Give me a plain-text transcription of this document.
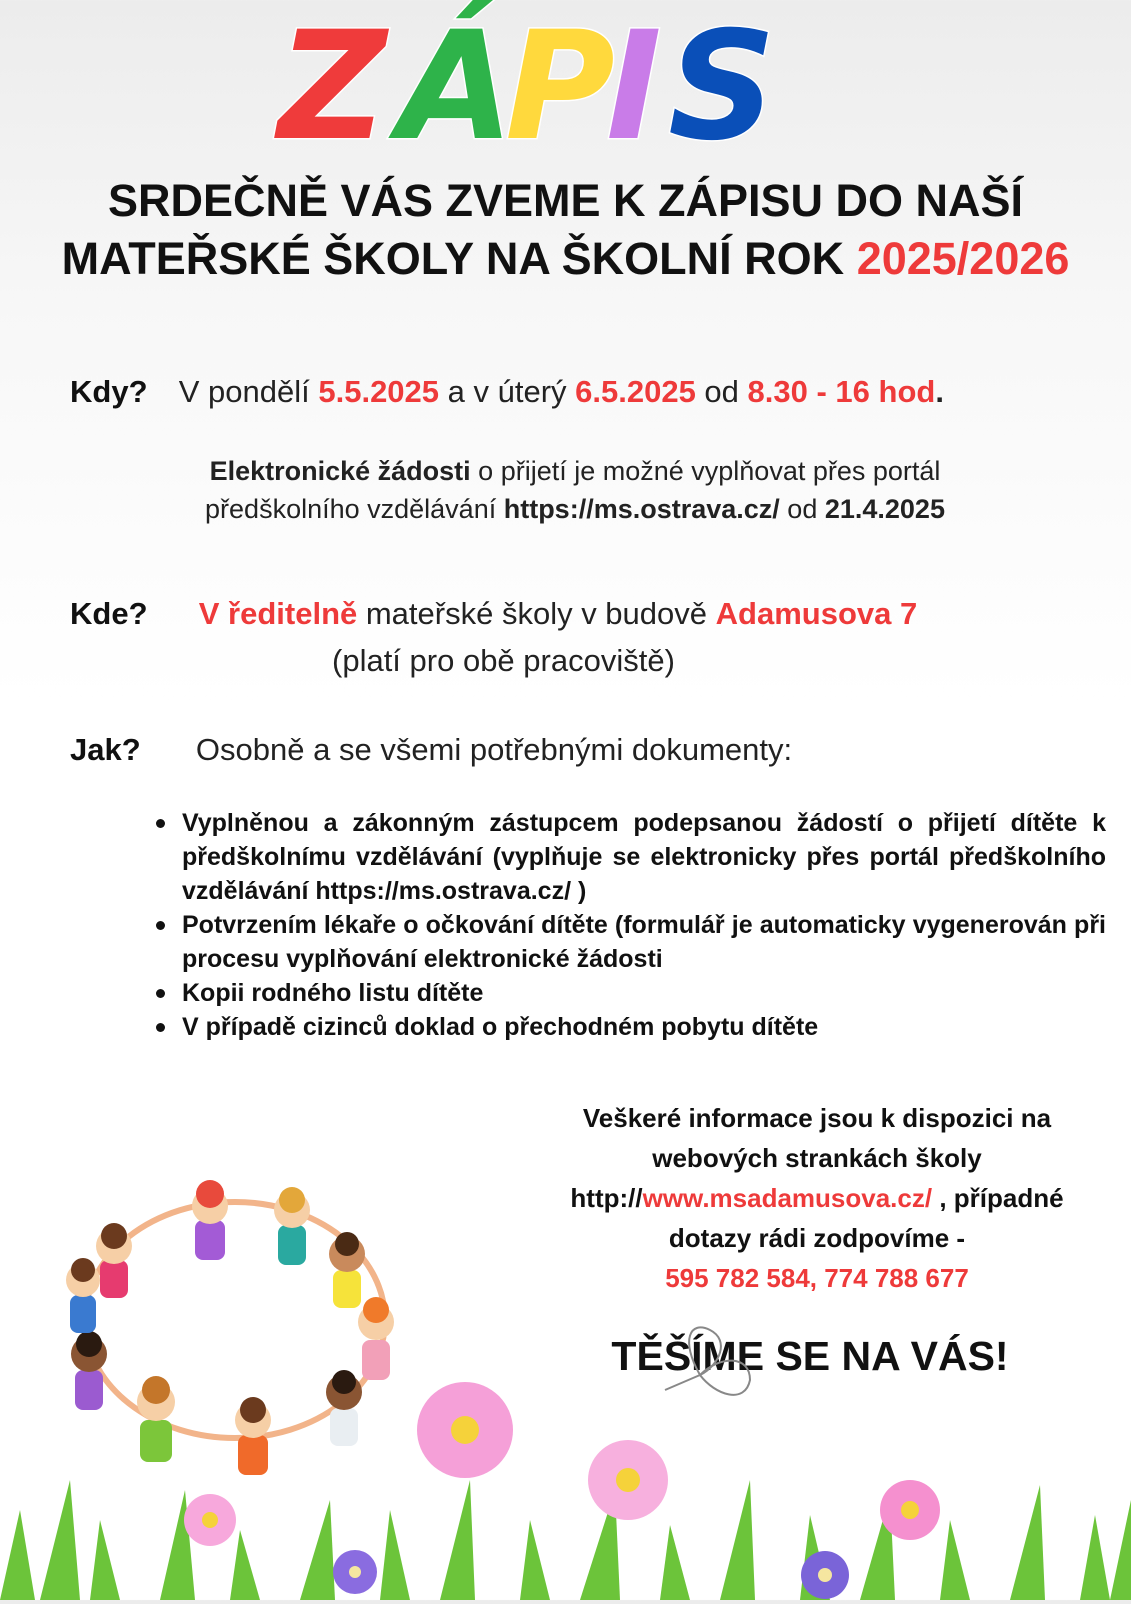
Z Á
P
I S
SRDEČNĚ VÁS ZVEME K ZÁPISU DO NAŠÍ
MATEŘSKÉ ŠKOLY NA ŠKOLNÍ ROK 2025/2026
Kdy? V pondělí 5.5.2025 a v úterý 6.5.2025 od 8.30 - 16 hod.
Elektronické žádosti o přijetí je možné vyplňovat přes portál
předškolního vzdělávání https://ms.ostrava.cz/ od 21.4.2025
Kde? V ředitelně mateřské školy v budově Adamusova 7
(platí pro obě pracoviště)
Jak? Osobně a se všemi potřebnými dokumenty:
Vyplněnou a zákonným zástupcem podepsanou žádostí o přijetí dítěte k předškolnímu vzdělávání (vyplňuje se elektronicky přes portál předškolního vzdělávání https://ms.ostrava.cz/ )
Potvrzením lékaře o očkování dítěte (formulář je automaticky vygenerován při procesu vyplňování elektronické žádosti
Kopii rodného listu dítěte
V případě cizinců doklad o přechodném pobytu dítěte
Veškeré informace jsou k dispozici na
webových strankách školy
http://www.msadamusova.cz/ , případné
dotazy rádi zodpovíme -
595 782 584, 774 788 677
TĚŠÍME SE NA VÁS!
